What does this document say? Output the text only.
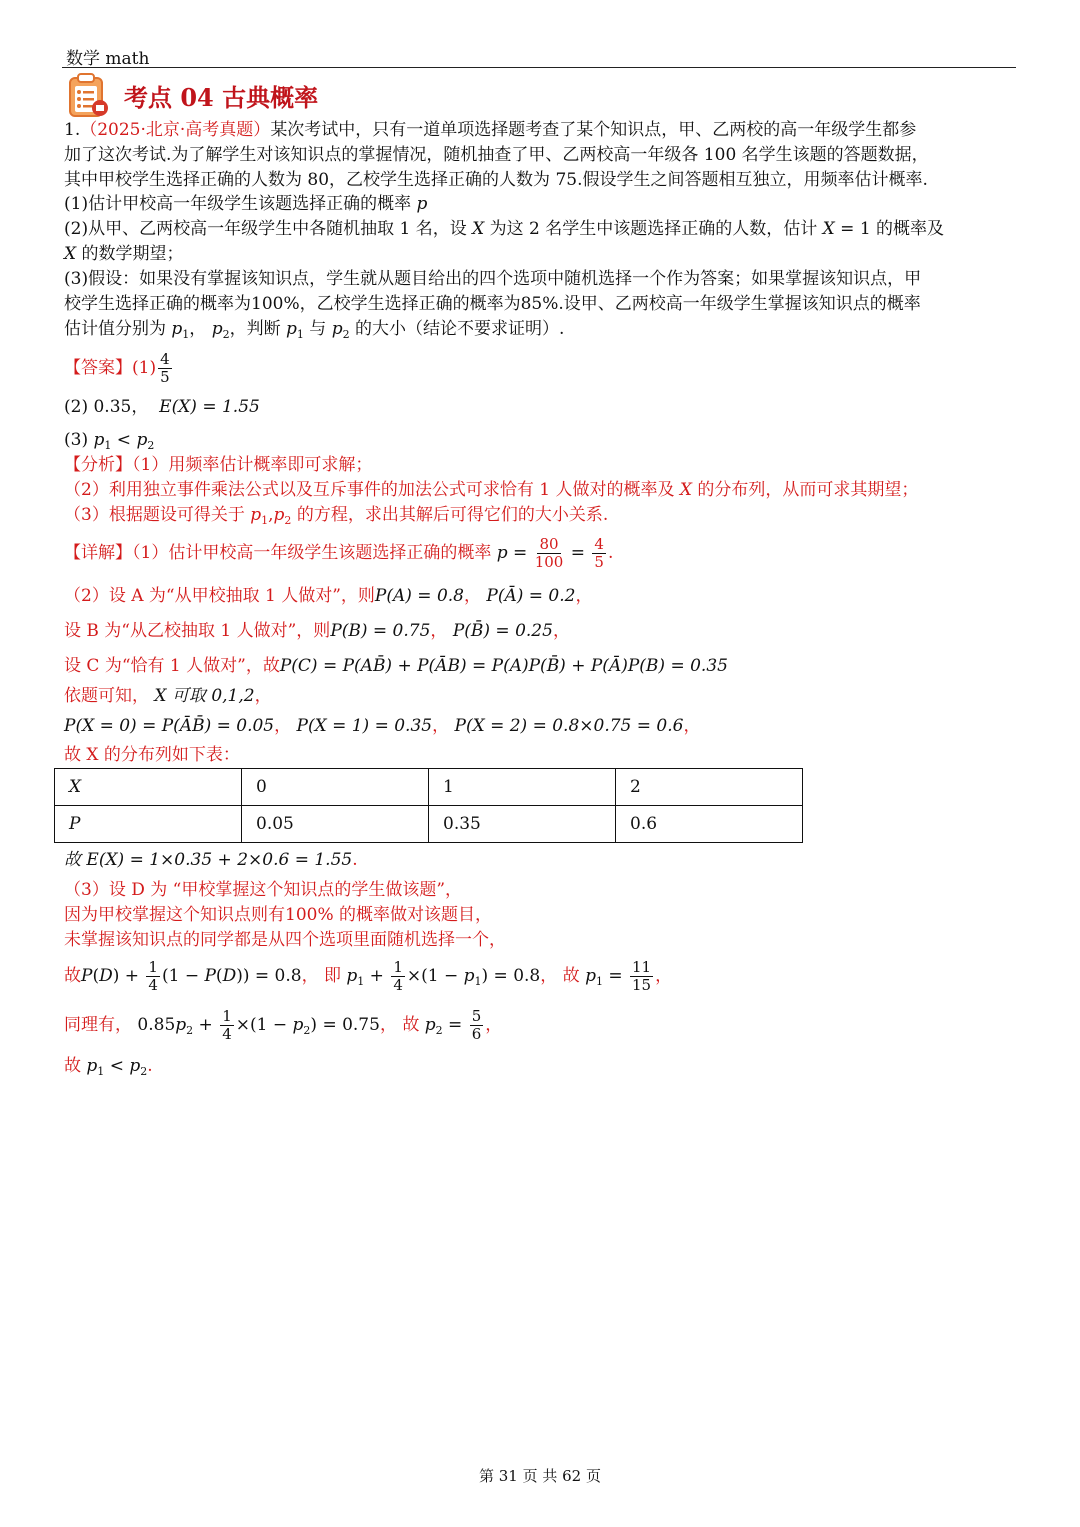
数学 math
考点 04 古典概率
1.（2025·北京·高考真题）某次考试中，只有一道单项选择题考查了某个知识点，甲、乙两校的高一年级学生都参
加了这次考试.为了解学生对该知识点的掌握情况，随机抽查了甲、乙两校高一年级各 100 名学生该题的答题数据，
其中甲校学生选择正确的人数为 80，乙校学生选择正确的人数为 75.假设学生之间答题相互独立，用频率估计概率.
(1)估计甲校高一年级学生该题选择正确的概率 p
(2)从甲、乙两校高一年级学生中各随机抽取 1 名，设 X 为这 2 名学生中该题选择正确的人数，估计 X = 1 的概率及
X 的数学期望；
(3)假设：如果没有掌握该知识点，学生就从题目给出的四个选项中随机选择一个作为答案；如果掌握该知识点，甲
校学生选择正确的概率为100%，乙校学生选择正确的概率为85%.设甲、乙两校高一年级学生掌握该知识点的概率
估计值分别为 $p_1$， $p_2$，判断 $p_1$ 与 $p_2$ 的大小（结论不要求证明）.
【答案】$(1) \frac{4}{5}$
(2) 0.35， E(X) = 1.55
(3) $p_1 < p_2$
【分析】（1）用频率估计概率即可求解；
（2）利用独立事件乘法公式以及互斥事件的加法公式可求恰有 1 人做对的概率及 X 的分布列，从而可求其期望；
（3）根据题设可得关于 $p_1,p_2$ 的方程，求出其解后可得它们的大小关系.
【详解】（1）估计甲校高一年级学生该题选择正确的概率 $p = \frac{80}{100} = \frac{4}{5}$ .
（2）设 A 为“从甲校抽取 1 人做对”，则P(A) = 0.8， P(Ā) = 0.2，
设 B 为“从乙校抽取 1 人做对”，则P(B) = 0.75， P(B̄) = 0.25，
设 C 为“恰有 1 人做对”，故P(C) = P(AB̄) + P(ĀB) = P(A)P(B̄) + P(Ā)P(B) = 0.35
依题可知， X 可取 0,1,2，
P(X = 0) = P(ĀB̄) = 0.05， P(X = 1) = 0.35， P(X = 2) = 0.8×0.75 = 0.6，
故 X 的分布列如下表：
X	0	1	2
P	0.05	0.35	0.6
故 E(X) = 1×0.35 + 2×0.6 = 1.55.
（3）设 D 为 “甲校掌握这个知识点的学生做该题”，
因为甲校掌握这个知识点则有100% 的概率做对该题目，
未掌握该知识点的同学都是从四个选项里面随机选择一个，
故$P(D) + \frac{1}{4} (1 - P(D)) = 0.8$， 即 $p_1 + \frac{1}{4} \times(1 - p_1) = 0.8$， 故 $p_1 = \frac{11}{15}$ ，
同理有， $0.85p_2 + \frac{1}{4} \times(1 - p_2) = 0.75$， 故 $p_2 = \frac{5}{6}$ ，
故 $p_1 < p_2$.
第 31 页 共 62 页
